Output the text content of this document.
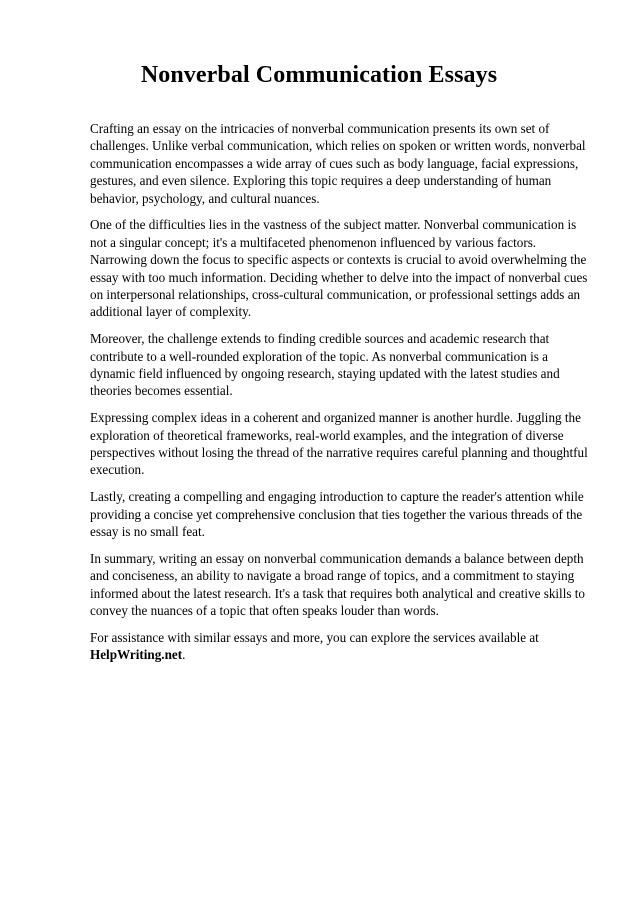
Nonverbal Communication Essays

Crafting an essay on the intricacies of nonverbal communication presents its own set of challenges. Unlike verbal communication, which relies on spoken or written words, nonverbal communication encompasses a wide array of cues such as body language, facial expressions, gestures, and even silence. Exploring this topic requires a deep understanding of human behavior, psychology, and cultural nuances.

One of the difficulties lies in the vastness of the subject matter. Nonverbal communication is not a singular concept; it's a multifaceted phenomenon influenced by various factors. Narrowing down the focus to specific aspects or contexts is crucial to avoid overwhelming the essay with too much information. Deciding whether to delve into the impact of nonverbal cues on interpersonal relationships, cross-cultural communication, or professional settings adds an additional layer of complexity.

Moreover, the challenge extends to finding credible sources and academic research that contribute to a well-rounded exploration of the topic. As nonverbal communication is a dynamic field influenced by ongoing research, staying updated with the latest studies and theories becomes essential.

Expressing complex ideas in a coherent and organized manner is another hurdle. Juggling the exploration of theoretical frameworks, real-world examples, and the integration of diverse perspectives without losing the thread of the narrative requires careful planning and thoughtful execution.

Lastly, creating a compelling and engaging introduction to capture the reader's attention while providing a concise yet comprehensive conclusion that ties together the various threads of the essay is no small feat.

In summary, writing an essay on nonverbal communication demands a balance between depth and conciseness, an ability to navigate a broad range of topics, and a commitment to staying informed about the latest research. It's a task that requires both analytical and creative skills to convey the nuances of a topic that often speaks louder than words.

For assistance with similar essays and more, you can explore the services available at
HelpWriting.net.
